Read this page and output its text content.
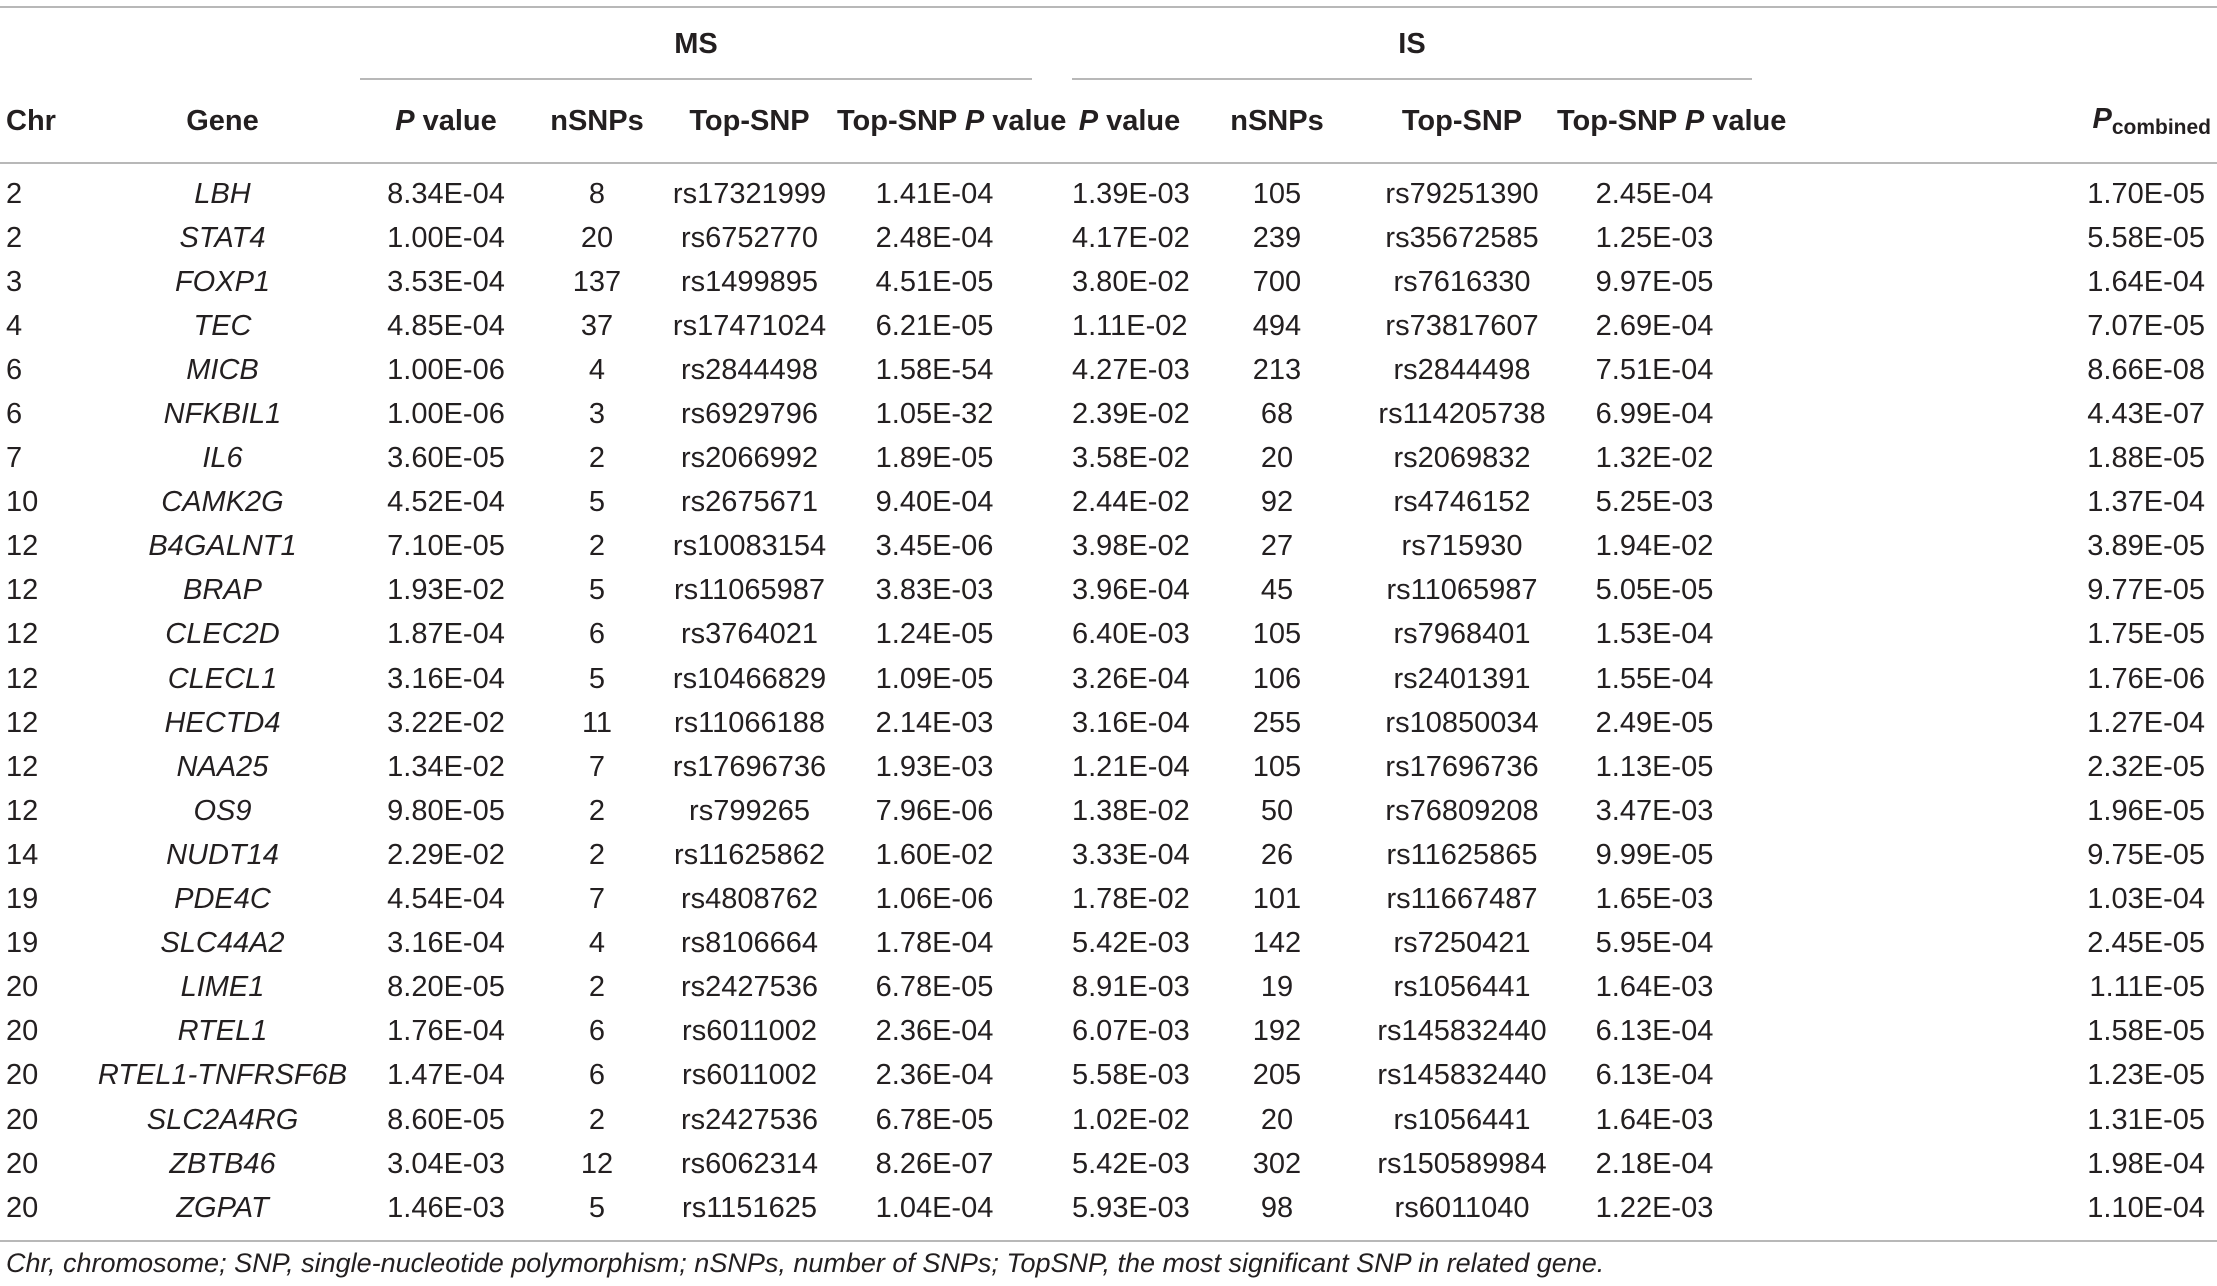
		MS					IS					
Chr	Gene	P value	nSNPs	Top-SNP	Top-SNP P value		P value	nSNPs	Top-SNP	Top-SNP P value		$P_{combined}$
2	LBH	8.34E-04	8	rs17321999	1.41E-04		1.39E-03	105	rs79251390	2.45E-04		1.70E-05
2	STAT4	1.00E-04	20	rs6752770	2.48E-04		4.17E-02	239	rs35672585	1.25E-03		5.58E-05
3	FOXP1	3.53E-04	137	rs1499895	4.51E-05		3.80E-02	700	rs7616330	9.97E-05		1.64E-04
4	TEC	4.85E-04	37	rs17471024	6.21E-05		1.11E-02	494	rs73817607	2.69E-04		7.07E-05
6	MICB	1.00E-06	4	rs2844498	1.58E-54		4.27E-03	213	rs2844498	7.51E-04		8.66E-08
6	NFKBIL1	1.00E-06	3	rs6929796	1.05E-32		2.39E-02	68	rs114205738	6.99E-04		4.43E-07
7	IL6	3.60E-05	2	rs2066992	1.89E-05		3.58E-02	20	rs2069832	1.32E-02		1.88E-05
10	CAMK2G	4.52E-04	5	rs2675671	9.40E-04		2.44E-02	92	rs4746152	5.25E-03		1.37E-04
12	B4GALNT1	7.10E-05	2	rs10083154	3.45E-06		3.98E-02	27	rs715930	1.94E-02		3.89E-05
12	BRAP	1.93E-02	5	rs11065987	3.83E-03		3.96E-04	45	rs11065987	5.05E-05		9.77E-05
12	CLEC2D	1.87E-04	6	rs3764021	1.24E-05		6.40E-03	105	rs7968401	1.53E-04		1.75E-05
12	CLECL1	3.16E-04	5	rs10466829	1.09E-05		3.26E-04	106	rs2401391	1.55E-04		1.76E-06
12	HECTD4	3.22E-02	11	rs11066188	2.14E-03		3.16E-04	255	rs10850034	2.49E-05		1.27E-04
12	NAA25	1.34E-02	7	rs17696736	1.93E-03		1.21E-04	105	rs17696736	1.13E-05		2.32E-05
12	OS9	9.80E-05	2	rs799265	7.96E-06		1.38E-02	50	rs76809208	3.47E-03		1.96E-05
14	NUDT14	2.29E-02	2	rs11625862	1.60E-02		3.33E-04	26	rs11625865	9.99E-05		9.75E-05
19	PDE4C	4.54E-04	7	rs4808762	1.06E-06		1.78E-02	101	rs11667487	1.65E-03		1.03E-04
19	SLC44A2	3.16E-04	4	rs8106664	1.78E-04		5.42E-03	142	rs7250421	5.95E-04		2.45E-05
20	LIME1	8.20E-05	2	rs2427536	6.78E-05		8.91E-03	19	rs1056441	1.64E-03		1.11E-05
20	RTEL1	1.76E-04	6	rs6011002	2.36E-04		6.07E-03	192	rs145832440	6.13E-04		1.58E-05
20	RTEL1-TNFRSF6B	1.47E-04	6	rs6011002	2.36E-04		5.58E-03	205	rs145832440	6.13E-04		1.23E-05
20	SLC2A4RG	8.60E-05	2	rs2427536	6.78E-05		1.02E-02	20	rs1056441	1.64E-03		1.31E-05
20	ZBTB46	3.04E-03	12	rs6062314	8.26E-07		5.42E-03	302	rs150589984	2.18E-04		1.98E-04
20	ZGPAT	1.46E-03	5	rs1151625	1.04E-04		5.93E-03	98	rs6011040	1.22E-03		1.10E-04
Chr, chromosome; SNP, single-nucleotide polymorphism; nSNPs, number of SNPs; TopSNP, the most significant SNP in related gene.
